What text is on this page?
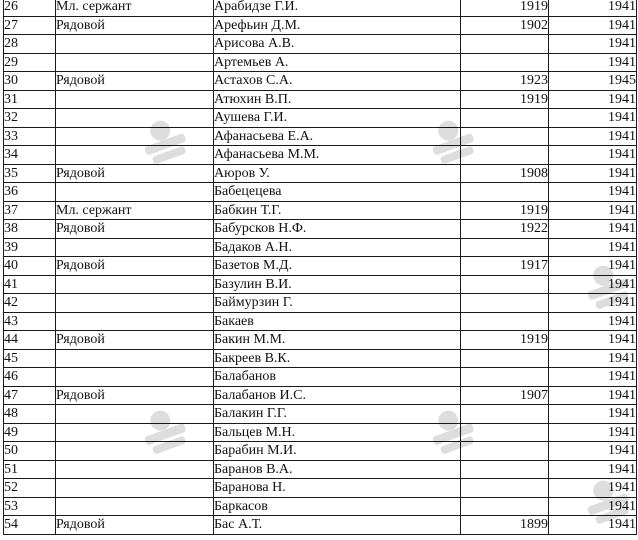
26	Мл. сержант	Арабидзе Г.И.	1919	1941
27	Рядовой	Арефьин Д.М.	1902	1941
28		Арисова А.В.		1941
29		Артемьев А.		1941
30	Рядовой	Астахов С.А.	1923	1945
31		Атюхин В.П.	1919	1941
32		Аушева Г.И.		1941
33		Афанасьева Е.А.		1941
34		Афанасьева М.М.		1941
35	Рядовой	Аюров У.	1908	1941
36		Бабецецева		1941
37	Мл. сержант	Бабкин Т.Г.	1919	1941
38	Рядовой	Бабурсков Н.Ф.	1922	1941
39		Бадаков А.Н.		1941
40	Рядовой	Базетов М.Д.	1917	1941
41		Базулин В.И.		1941
42		Баймурзин Г.		1941
43		Бакаев		1941
44	Рядовой	Бакин М.М.	1919	1941
45		Бакреев В.К.		1941
46		Балабанов		1941
47	Рядовой	Балабанов И.С.	1907	1941
48		Балакин Г.Г.		1941
49		Бальцев М.Н.		1941
50		Барабин М.И.		1941
51		Баранов В.А.		1941
52		Баранова Н.		1941
53		Баркасов		1941
54	Рядовой	Бас А.Т.	1899	1941
